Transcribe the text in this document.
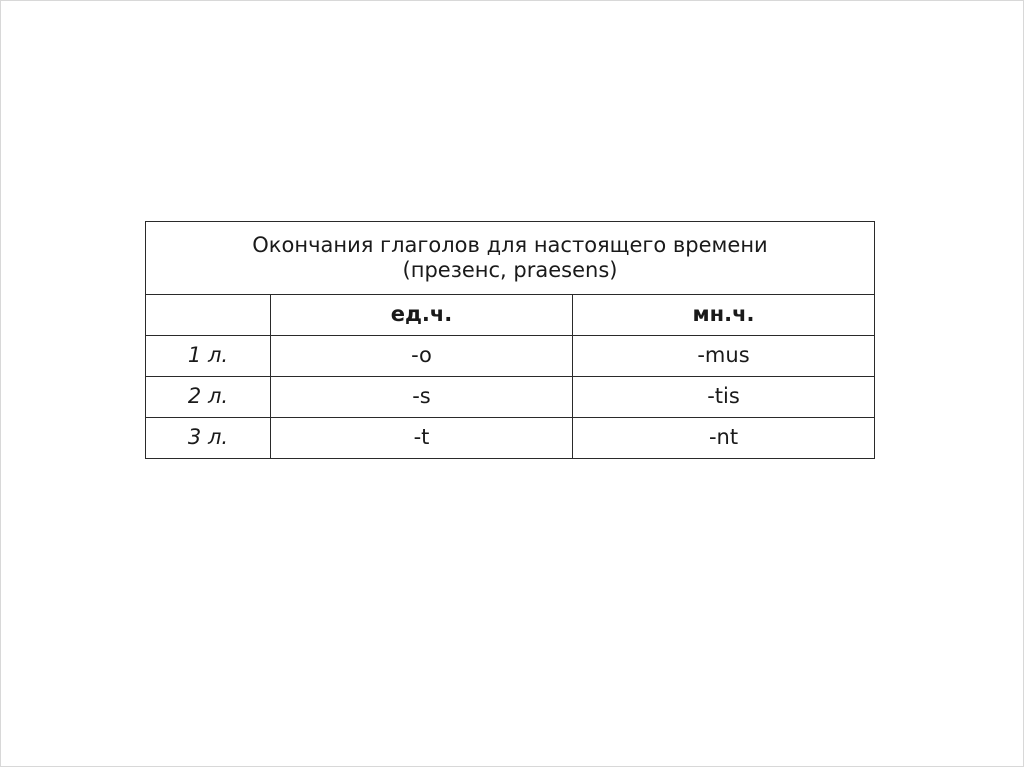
Окончания глаголов для настоящего времени
(презенс, praesens)		

	ед.ч.	мн.ч.
1 л.	-o	-mus
2 л.	-s	-tis
3 л.	-t	-nt
